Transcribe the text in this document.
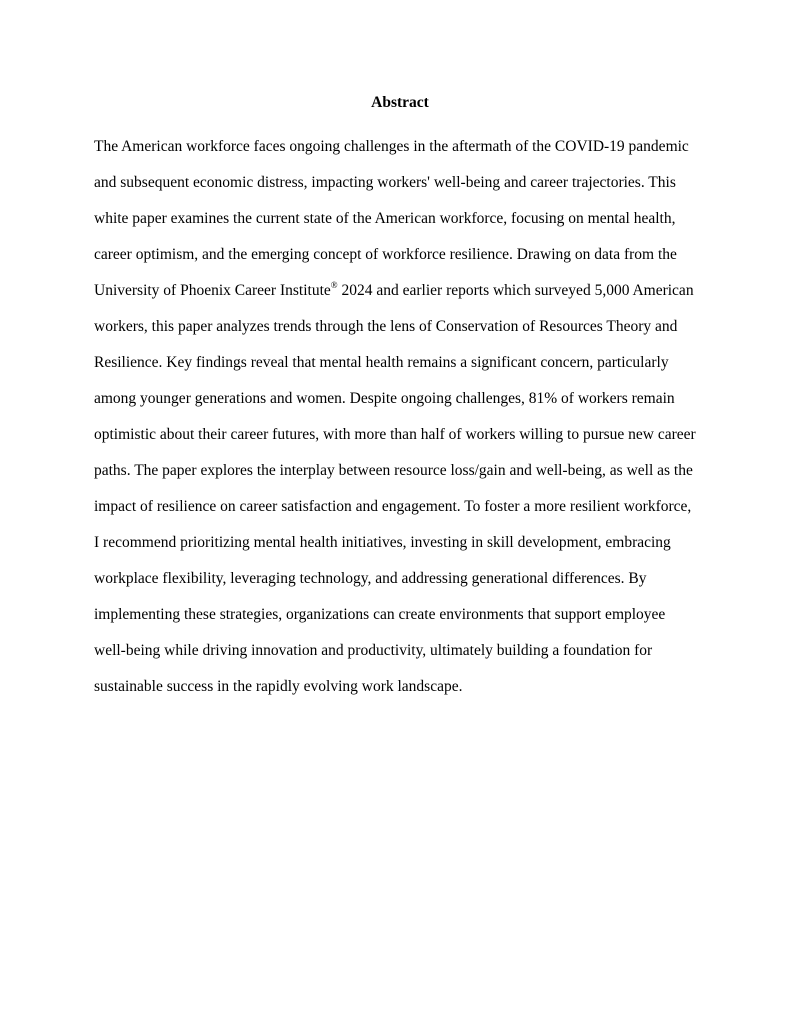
Abstract
The American workforce faces ongoing challenges in the aftermath of the COVID-19 pandemic
and subsequent economic distress, impacting workers' well-being and career trajectories. This
white paper examines the current state of the American workforce, focusing on mental health,
career optimism, and the emerging concept of workforce resilience. Drawing on data from the
University of Phoenix Career Institute® 2024 and earlier reports which surveyed 5,000 American
workers, this paper analyzes trends through the lens of Conservation of Resources Theory and
Resilience. Key findings reveal that mental health remains a significant concern, particularly
among younger generations and women. Despite ongoing challenges, 81% of workers remain
optimistic about their career futures, with more than half of workers willing to pursue new career
paths. The paper explores the interplay between resource loss/gain and well-being, as well as the
impact of resilience on career satisfaction and engagement. To foster a more resilient workforce,
I recommend prioritizing mental health initiatives, investing in skill development, embracing
workplace flexibility, leveraging technology, and addressing generational differences. By
implementing these strategies, organizations can create environments that support employee
well-being while driving innovation and productivity, ultimately building a foundation for
sustainable success in the rapidly evolving work landscape.
